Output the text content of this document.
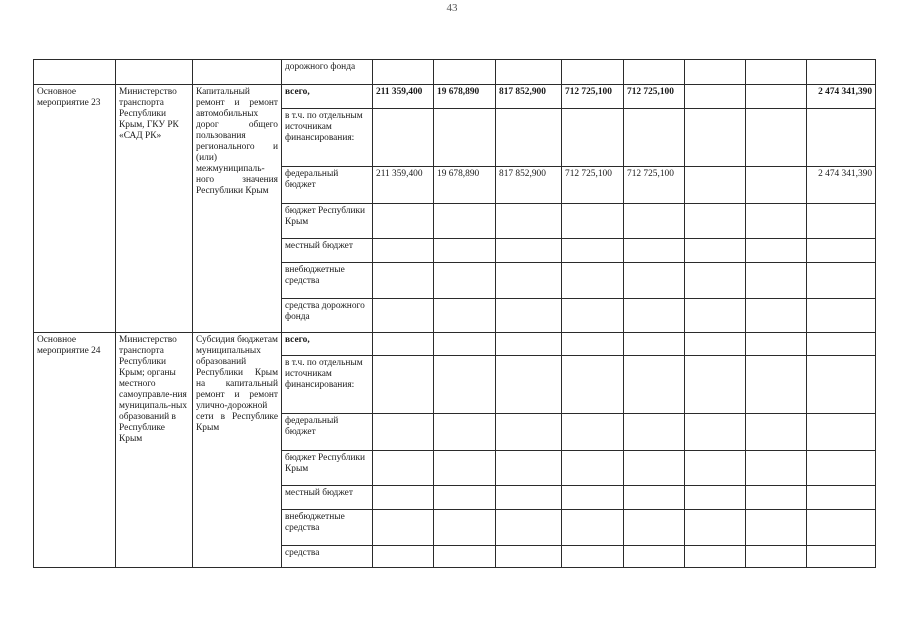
43
			дорожного фонда								
Основное мероприятие 23	Министерство транспорта Республики Крым, ГКУ РК «САД РК»	Капитальный ремонт и ремонт автомобильных дорог общего пользования регионального и (или) межмуниципаль-ного значения Республики Крым	всего,	211 359,400	19 678,890	817 852,900	712 725,100	712 725,100			2 474 341,390
			в т.ч. по отдельным источникам финансирования:								
			федеральный бюджет	211 359,400	19 678,890	817 852,900	712 725,100	712 725,100			2 474 341,390
			бюджет Республики Крым								
			местный бюджет								
			внебюджетные средства								
			средства дорожного фонда								
Основное мероприятие 24	Министерство транспорта Республики Крым; органы местного самоуправле-ния муниципаль-ных образований в Республике Крым	Субсидия бюджетам муниципальных образований Республики Крым на капитальный ремонт и ремонт улично-дорожной сети в Республике Крым	всего,								
			в т.ч. по отдельным источникам финансирования:								
			федеральный бюджет								
			бюджет Республики Крым								
			местный бюджет								
			внебюджетные средства								
			средства								
